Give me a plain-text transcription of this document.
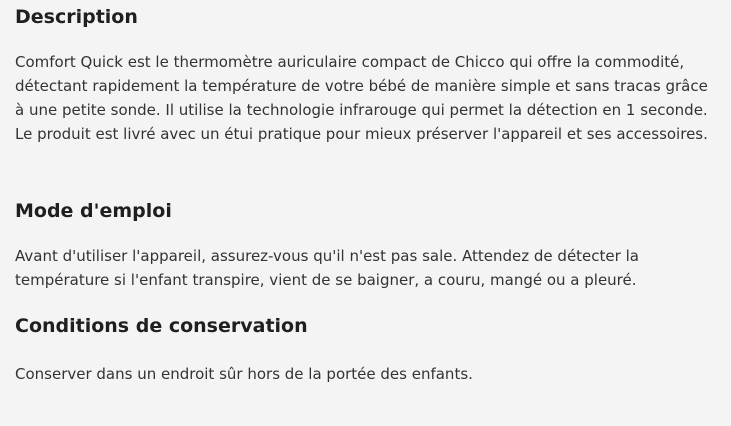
Description

Comfort Quick est le thermomètre auriculaire compact de Chicco qui offre la commodité, détectant rapidement la température de votre bébé de manière simple et sans tracas grâce à une petite sonde. Il utilise la technologie infrarouge qui permet la détection en 1 seconde. Le produit est livré avec un étui pratique pour mieux préserver l'appareil et ses accessoires.

Mode d'emploi

Avant d'utiliser l'appareil, assurez-vous qu'il n'est pas sale. Attendez de détecter la température si l'enfant transpire, vient de se baigner, a couru, mangé ou a pleuré.

Conditions de conservation

Conserver dans un endroit sûr hors de la portée des enfants.
